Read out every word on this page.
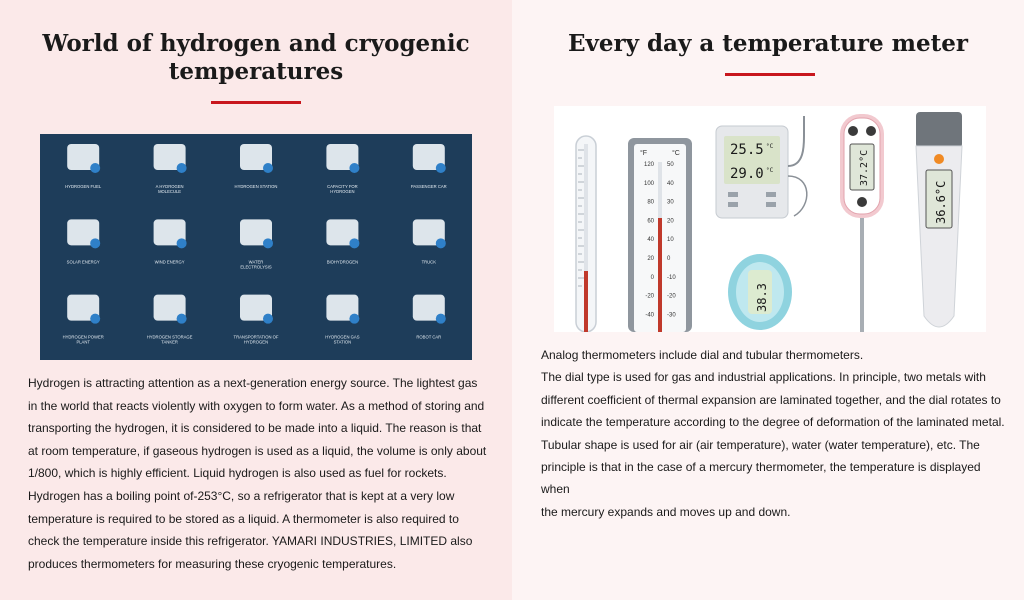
World of hydrogen and cryogenic
temperatures
HYDROGEN FUEL	A HYDROGEN
MOLECULE
HYDROGEN STATION	CAPACITY FOR
HYDROGEN
PASSENGER CAR
SOLAR ENERGY	WIND ENERGY	WATER
ELECTROLYSIS
BIOHYDROGEN	TRUCK
HYDROGEN POWER
PLANT
HYDROGEN STORAGE
TANKER
TRANSPORTATION OF
HYDROGEN
HYDROGEN GAS
STATION
ROBOT CAR

Hydrogen is attracting attention as a next-generation energy source. The lightest gas in the world that reacts violently with oxygen to form water. As a method of storing and transporting the hydrogen, it is considered to be made into a liquid. The reason is that at room temperature, if gaseous hydrogen is used as a liquid, the volume is only about 1/800, which is highly efficient. Liquid hydrogen is also used as fuel for rockets. Hydrogen has a boiling point of-253°C, so a refrigerator that is kept at a very low temperature is required to be stored as a liquid. A thermometer is also required to check the temperature inside this refrigerator. YAMARI INDUSTRIES, LIMITED also produces thermometers for measuring these cryogenic temperatures.

Every day a temperature meter
°F	°C
120
100
80
60
40
20
0
-20
-40
50
40
30
20
10
0
-10
-20
-30
25.5 °C
29.0 °C
38.3
37.2°C
36.6°C
Analog thermometers include dial and tubular thermometers.
The dial type is used for gas and industrial applications. In principle, two metals with
different coefficient of thermal expansion are laminated together, and the dial rotates to
indicate the temperature according to the degree of deformation of the laminated metal.
Tubular shape is used for air (air temperature), water (water temperature), etc. The
principle is that in the case of a mercury thermometer, the temperature is displayed when
the mercury expands and moves up and down.
